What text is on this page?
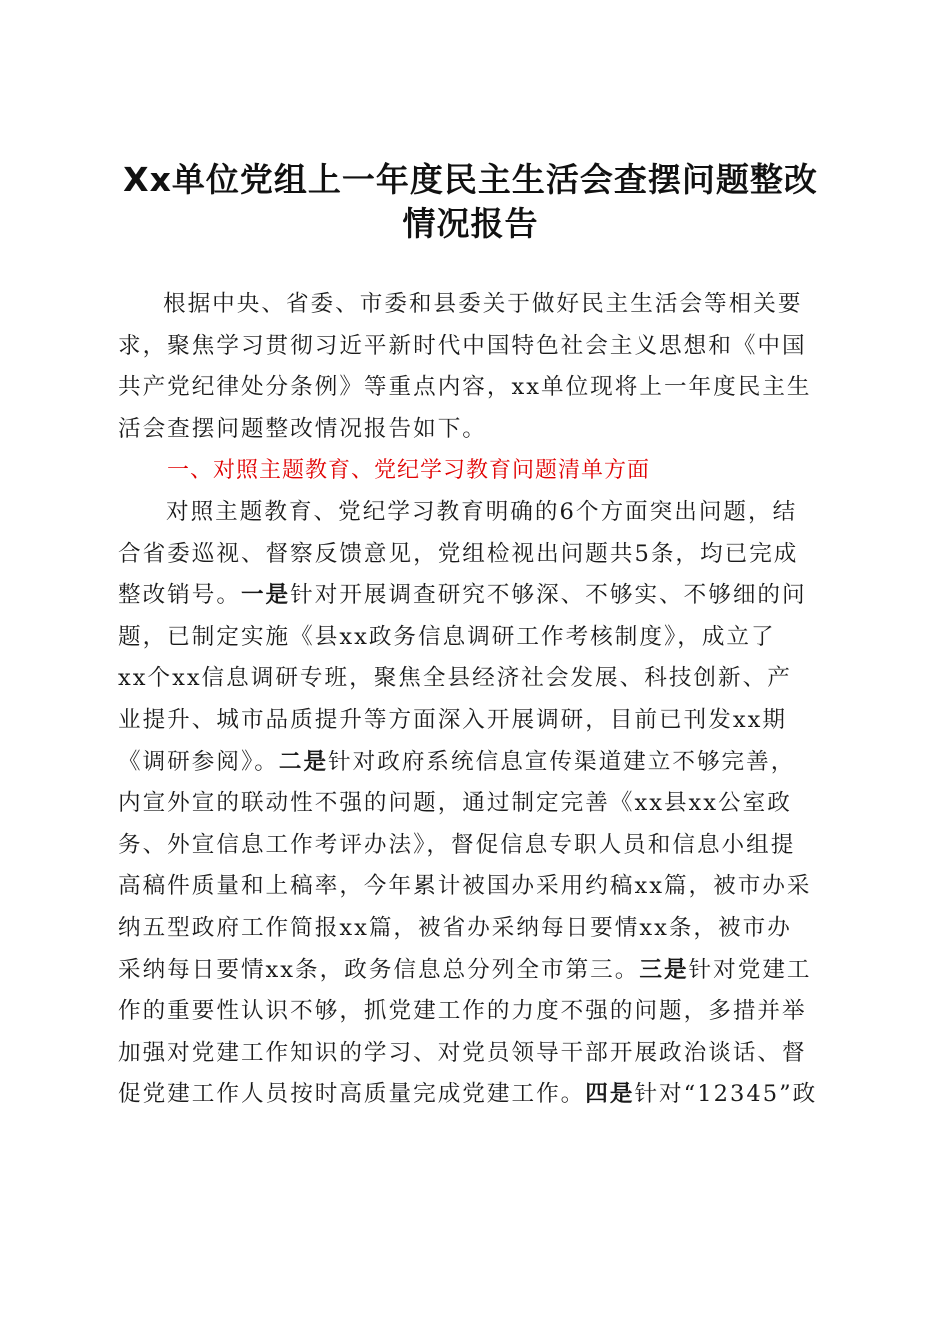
Xx单位党组上一年度民主生活会查摆问题整改
情况报告
根据中央、省委、市委和县委关于做好民主生活会等相关要
求，聚焦学习贯彻习近平新时代中国特色社会主义思想和《中国
共产党纪律处分条例》等重点内容，xx单位现将上一年度民主生
活会查摆问题整改情况报告如下。
一、对照主题教育、党纪学习教育问题清单方面
对照主题教育、党纪学习教育明确的6个方面突出问题，结
合省委巡视、督察反馈意见，党组检视出问题共5条，均已完成
整改销号。一是针对开展调查研究不够深、不够实、不够细的问
题，已制定实施《县xx政务信息调研工作考核制度》，成立了
xx个xx信息调研专班，聚焦全县经济社会发展、科技创新、产
业提升、城市品质提升等方面深入开展调研，目前已刊发xx期
《调研参阅》。二是针对政府系统信息宣传渠道建立不够完善，
内宣外宣的联动性不强的问题，通过制定完善《xx县xx公室政
务、外宣信息工作考评办法》，督促信息专职人员和信息小组提
高稿件质量和上稿率，今年累计被国办采用约稿xx篇，被市办采
纳五型政府工作简报xx篇，被省办采纳每日要情xx条，被市办
采纳每日要情xx条，政务信息总分列全市第三。三是针对党建工
作的重要性认识不够，抓党建工作的力度不强的问题，多措并举
加强对党建工作知识的学习、对党员领导干部开展政治谈话、督
促党建工作人员按时高质量完成党建工作。四是针对“12345”政
